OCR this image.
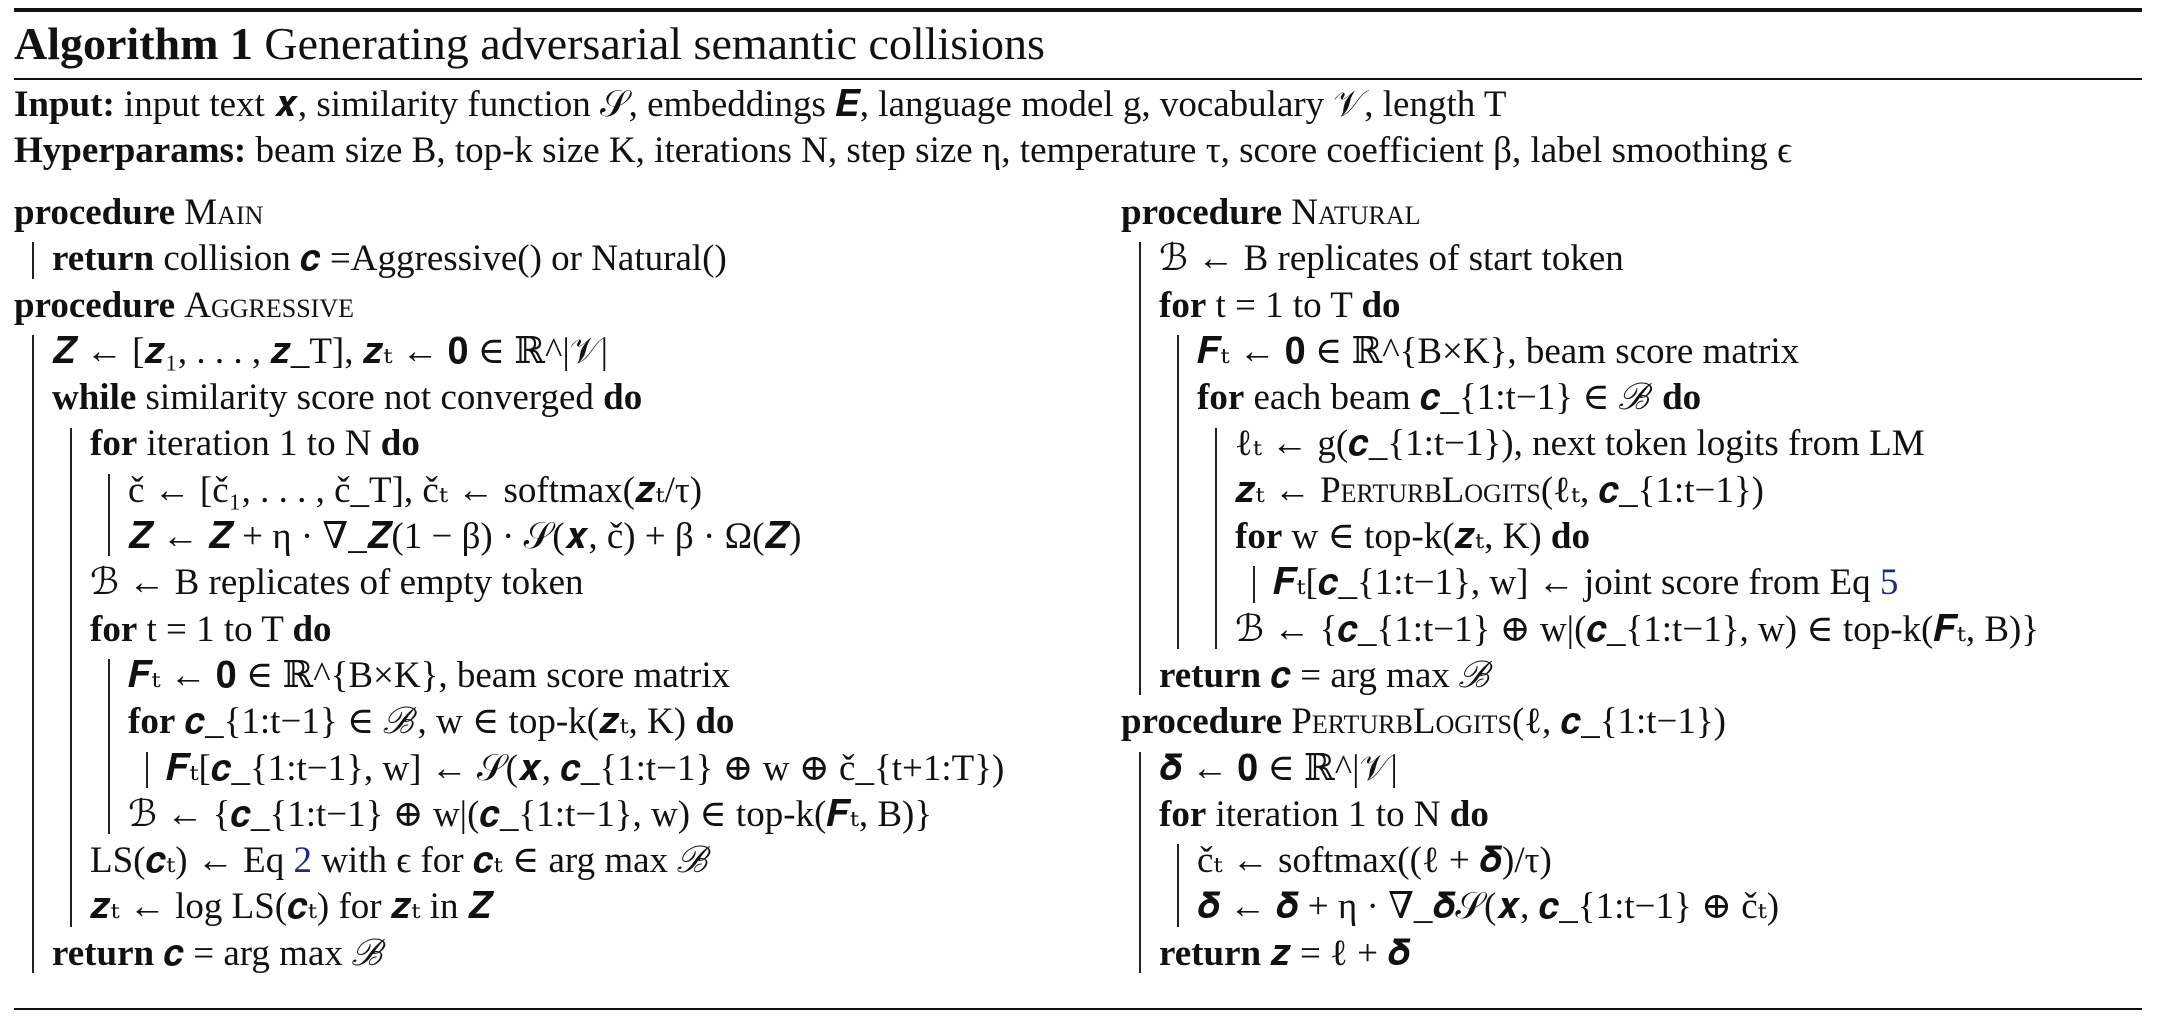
Algorithm 1 Generating adversarial semantic collisions
Input: input text 𝒙, similarity function 𝒮, embeddings 𝑬, language model g, vocabulary 𝒱, length T
Hyperparams: beam size B, top-k size K, iterations N, step size η, temperature τ, score coefficient β, label smoothing ϵ
procedure Main
return collision 𝒄 =Aggressive() or Natural()
procedure Aggressive
𝒁 ← [𝒛₁, . . . , 𝒛_T], 𝒛ₜ ← 𝟎 ∈ ℝ^|𝒱|
while similarity score not converged do
for iteration 1 to N do
č ← [č₁, . . . , č_T], čₜ ← softmax(𝒛ₜ/τ)
𝒁 ← 𝒁 + η · ∇_𝒁(1 − β) · 𝒮(𝒙, č) + β · Ω(𝒁)
ℬ ← B replicates of empty token
for t = 1 to T do
𝑭ₜ ← 𝟎 ∈ ℝ^{B×K}, beam score matrix
for 𝒄_{1:t−1} ∈ ℬ, w ∈ top-k(𝒛ₜ, K) do
𝑭ₜ[𝒄_{1:t−1}, w] ← 𝒮(𝒙, 𝒄_{1:t−1} ⊕ w ⊕ č_{t+1:T})
ℬ ← {𝒄_{1:t−1} ⊕ w|(𝒄_{1:t−1}, w) ∈ top-k(𝑭ₜ, B)}
LS(𝒄ₜ) ← Eq 2 with ϵ for 𝒄ₜ ∈ arg max ℬ
𝒛ₜ ← log LS(𝒄ₜ) for 𝒛ₜ in 𝒁
return 𝒄 = arg max ℬ
procedure Natural
ℬ ← B replicates of start token
for t = 1 to T do
𝑭ₜ ← 𝟎 ∈ ℝ^{B×K}, beam score matrix
for each beam 𝒄_{1:t−1} ∈ ℬ do
ℓₜ ← g(𝒄_{1:t−1}), next token logits from LM
𝒛ₜ ← PerturbLogits(ℓₜ, 𝒄_{1:t−1})
for w ∈ top-k(𝒛ₜ, K) do
𝑭ₜ[𝒄_{1:t−1}, w] ← joint score from Eq 5
ℬ ← {𝒄_{1:t−1} ⊕ w|(𝒄_{1:t−1}, w) ∈ top-k(𝑭ₜ, B)}
return 𝒄 = arg max ℬ
procedure PerturbLogits(ℓ, 𝒄_{1:t−1})
𝜹 ← 𝟎 ∈ ℝ^|𝒱|
for iteration 1 to N do
čₜ ← softmax((ℓ + 𝜹)/τ)
𝜹 ← 𝜹 + η · ∇_𝜹𝒮(𝒙, 𝒄_{1:t−1} ⊕ čₜ)
return 𝒛 = ℓ + 𝜹
